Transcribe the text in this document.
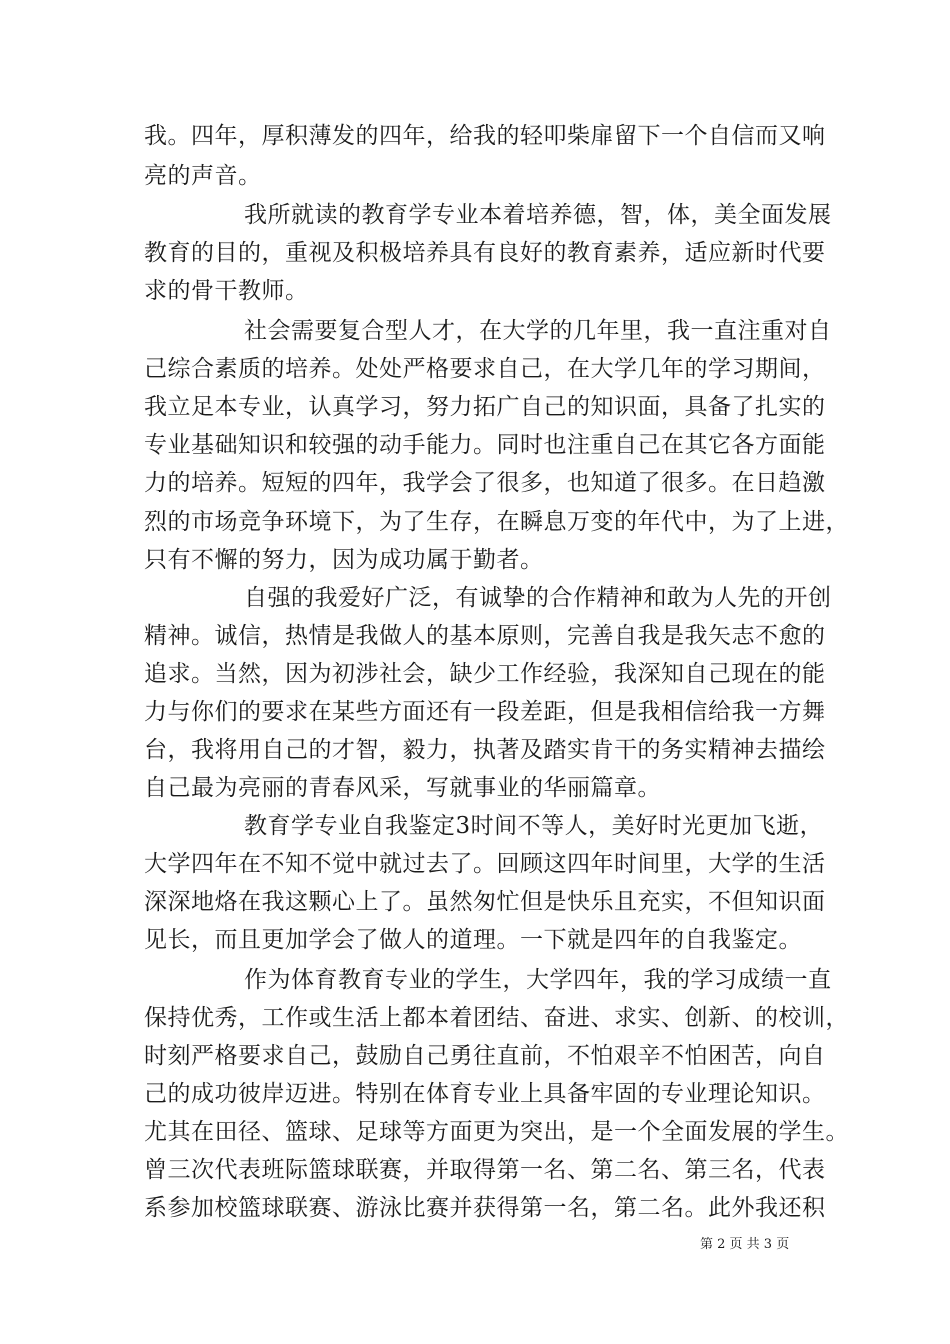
我。四年，厚积薄发的四年，给我的轻叩柴扉留下一个自信而又响
亮的声音。
我所就读的教育学专业本着培养德，智，体，美全面发展
教育的目的，重视及积极培养具有良好的教育素养，适应新时代要
求的骨干教师。
社会需要复合型人才，在大学的几年里，我一直注重对自
己综合素质的培养。处处严格要求自己，在大学几年的学习期间，
我立足本专业，认真学习，努力拓广自己的知识面，具备了扎实的
专业基础知识和较强的动手能力。同时也注重自己在其它各方面能
力的培养。短短的四年，我学会了很多，也知道了很多。在日趋激
烈的市场竞争环境下，为了生存，在瞬息万变的年代中，为了上进，
只有不懈的努力，因为成功属于勤者。
自强的我爱好广泛，有诚挚的合作精神和敢为人先的开创
精神。诚信，热情是我做人的基本原则，完善自我是我矢志不愈的
追求。当然，因为初涉社会，缺少工作经验，我深知自己现在的能
力与你们的要求在某些方面还有一段差距，但是我相信给我一方舞
台，我将用自己的才智，毅力，执著及踏实肯干的务实精神去描绘
自己最为亮丽的青春风采，写就事业的华丽篇章。
教育学专业自我鉴定3时间不等人，美好时光更加飞逝，
大学四年在不知不觉中就过去了。回顾这四年时间里，大学的生活
深深地烙在我这颗心上了。虽然匆忙但是快乐且充实，不但知识面
见长，而且更加学会了做人的道理。一下就是四年的自我鉴定。
作为体育教育专业的学生，大学四年，我的学习成绩一直
保持优秀，工作或生活上都本着团结、奋进、求实、创新、的校训，
时刻严格要求自己，鼓励自己勇往直前，不怕艰辛不怕困苦，向自
己的成功彼岸迈进。特别在体育专业上具备牢固的专业理论知识。
尤其在田径、篮球、足球等方面更为突出，是一个全面发展的学生。
曾三次代表班际篮球联赛，并取得第一名、第二名、第三名，代表
系参加校篮球联赛、游泳比赛并获得第一名，第二名。此外我还积
第 2 页 共 3 页
